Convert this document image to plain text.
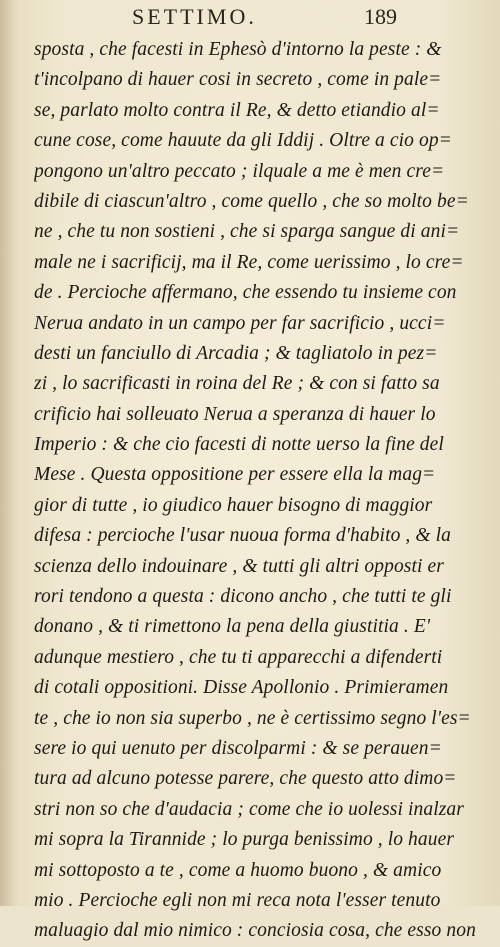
SETTIMO.	189
sposta , che facesti in Ephesò d'intorno la peste : &
t'incolpano di hauer cosi in secreto , come in pale=
se, parlato molto contra il Re, & detto etiandio al=
cune cose, come hauute da gli Iddij . Oltre a cio op=
pongono un'altro peccato ; ilquale a me è men cre=
dibile di ciascun'altro , come quello , che so molto be=
ne , che tu non sostieni , che si sparga sangue di ani=
male ne i sacrificij, ma il Re, come uerissimo , lo cre=
de . Percioche affermano, che essendo tu insieme con
Nerua andato in un campo per far sacrificio , ucci=
desti un fanciullo di Arcadia ; & tagliatolo in pez=
zi , lo sacrificasti in roina del Re ; & con si fatto sa
crificio hai solleuato Nerua a speranza di hauer lo
Imperio : & che cio facesti di notte uerso la fine del
Mese . Questa oppositione per essere ella la mag=
gior di tutte , io giudico hauer bisogno di maggior
difesa : percioche l'usar nuoua forma d'habito , & la
scienza dello indouinare , & tutti gli altri opposti er
rori tendono a questa : dicono ancho , che tutti te gli
donano , & ti rimettono la pena della giustitia . E'
adunque mestiero , che tu ti apparecchi a difenderti
di cotali oppositioni. Disse Apollonio . Primieramen
te , che io non sia superbo , ne è certissimo segno l'es=
sere io qui uenuto per discolparmi : & se perauen=
tura ad alcuno potesse parere, che questo atto dimo=
stri non so che d'audacia ; come che io uolessi inalzar
mi sopra la Tirannide ; lo purga benissimo , lo hauer
mi sottoposto a te , come a huomo buono , & amico
mio . Percioche egli non mi reca nota l'esser tenuto
maluagio dal mio nimico : conciosia cosa, che esso non
